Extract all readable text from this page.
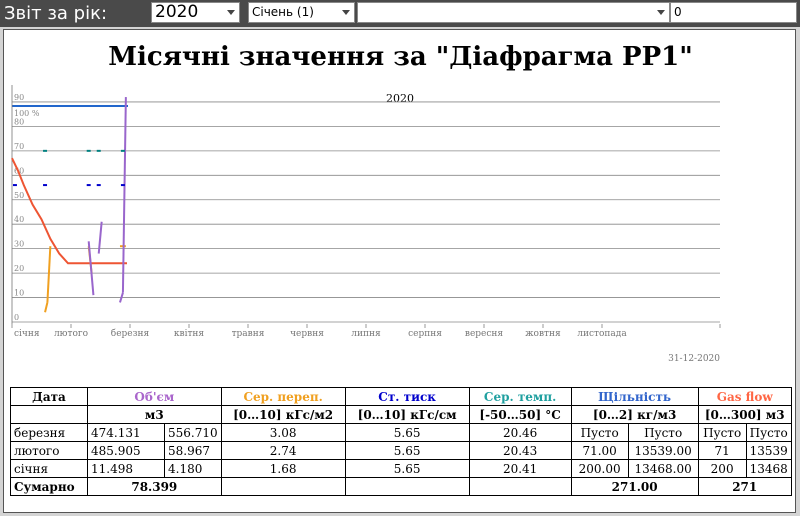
Звіт за рік:	2020	Січень (1)	0
Місячні значення за "Діафрагма РР1"
2020
100 %
90
80
70
60
50
40
30
20
10
0
січня лютого	березня	квітня	травня	червня	липня	серпня	вересня жовтня листопада
31-12-2020
Дата	Об'єм		Сер. переп.	Ст. тиск	Сер. темп.	Щільність		Gas flow	
	м3		[0…10] кГс/м2	[0…10] кГс/см	[-50…50] °С	[0…2] кг/м3		[0…300] м3	
березня	474.131	556.710	3.08	5.65	20.46	Пусто	Пусто	Пусто	Пусто
лютого	485.905	58.967	2.74	5.65	20.43	71.00	13539.00	71	13539
січня	11.498	4.180	1.68	5.65	20.41	200.00	13468.00	200	13468
Сумарно	78.399					271.00		271	
